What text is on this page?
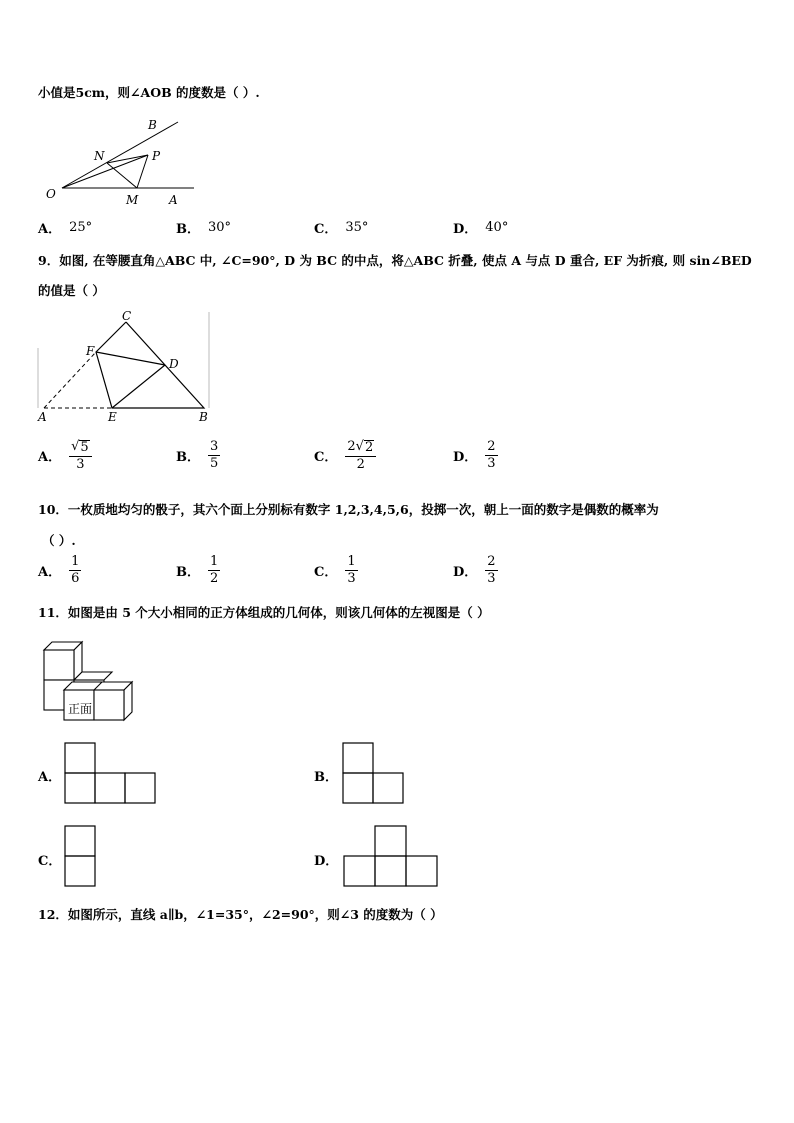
小值是5cm，则∠AOB 的度数是（ ）.
B
N	P
O	M	A
A． 25°	B． 30°	C． 35°	D． 40°
9．如图, 在等腰直角△ABC 中, ∠C=90°, D 为 BC 的中点，将△ABC 折叠, 使点 A 与点 D 重合, EF 为折痕, 则 sin∠BED
的值是（ ）
C
F
D
A	E	B
A． $\frac{√ 5}{3}$	B． $\frac{3}{5}$	C． $\frac{2 √ 2}{2}$	D． $\frac{2}{3}$
10．一枚质地均匀的骰子，其六个面上分别标有数字 1,2,3,4,5,6，投掷一次，朝上一面的数字是偶数的概率为
（ ）.
A． $\frac{1}{6}$	B． $\frac{1}{2}$	C． $\frac{1}{3}$	D． $\frac{2}{3}$
11．如图是由 5 个大小相同的正方体组成的几何体，则该几何体的左视图是（ ）
正面
A．	B．
C．	D．
12．如图所示，直线 a∥b，∠1=35°，∠2=90°，则∠3 的度数为（ ）
